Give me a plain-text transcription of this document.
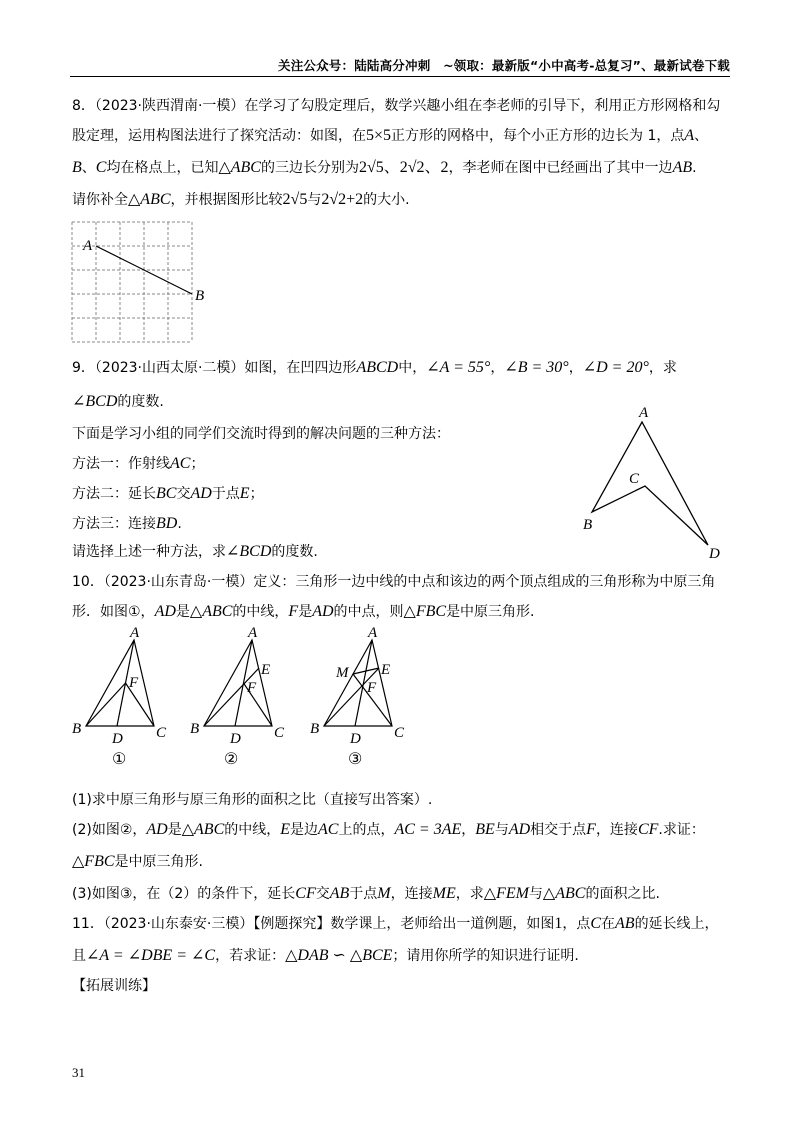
关注公众号：陆陆高分冲刺　~领取：最新版“小中高考-总复习”、最新试卷下载
8．（2023·陕西渭南·一模）在学习了勾股定理后，数学兴趣小组在李老师的引导下，利用正方形网格和勾
股定理，运用构图法进行了探究活动：如图，在5×5正方形的网格中，每个小正方形的边长为 1，点A、
B、C均在格点上，已知△ABC的三边长分别为2√5、2√2、2，李老师在图中已经画出了其中一边AB.
请你补全△ABC，并根据图形比较2√5与2√2+2的大小.
A
B
9．（2023·山西太原·二模）如图，在凹四边形ABCD中，∠A = 55°，∠B = 30°，∠D = 20°，求
∠BCD的度数.
下面是学习小组的同学们交流时得到的解决问题的三种方法：
方法一：作射线AC；
方法二：延长BC交AD于点E；
方法三：连接BD.
请选择上述一种方法，求∠BCD的度数.
A
B
C
D
10．（2023·山东青岛·一模）定义：三角形一边中线的中点和该边的两个顶点组成的三角形称为中原三角
形．如图①，AD是△ABC的中线，F是AD的中点，则△FBC是中原三角形.
A
B	C
D
F
①
A
B	C
D
E
F
②
A
B	C
D
E
F
M
③
(1)求中原三角形与原三角形的面积之比（直接写出答案）.
(2)如图②，AD是△ABC的中线，E是边AC上的点，AC = 3AE，BE与AD相交于点F，连接CF.求证：
△FBC是中原三角形.
(3)如图③，在（2）的条件下，延长CF交AB于点M，连接ME，求△FEM与△ABC的面积之比.
11．（2023·山东泰安·三模）【例题探究】数学课上，老师给出一道例题，如图1，点C在AB的延长线上，
且∠A = ∠DBE = ∠C，若求证：△DAB ∽ △BCE；请用你所学的知识进行证明.
【拓展训练】
31
